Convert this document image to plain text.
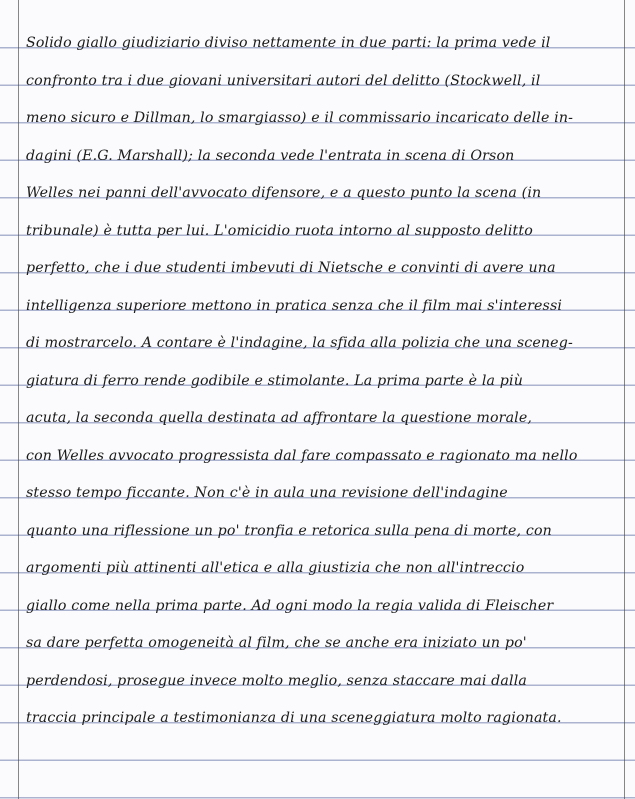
Solido giallo giudiziario diviso nettamente in due parti: la prima vede il
confronto tra i due giovani universitari autori del delitto (Stockwell, il
meno sicuro e Dillman, lo smargiasso) e il commissario incaricato delle in-
dagini (E.G. Marshall); la seconda vede l'entrata in scena di Orson
Welles nei panni dell'avvocato difensore, e a questo punto la scena (in
tribunale) è tutta per lui. L'omicidio ruota intorno al supposto delitto
perfetto, che i due studenti imbevuti di Nietsche e convinti di avere una
intelligenza superiore mettono in pratica senza che il film mai s'interessi
di mostrarcelo. A contare è l'indagine, la sfida alla polizia che una sceneg-
giatura di ferro rende godibile e stimolante. La prima parte è la più
acuta, la seconda quella destinata ad affrontare la questione morale,
con Welles avvocato progressista dal fare compassato e ragionato ma nello
stesso tempo ficcante. Non c'è in aula una revisione dell'indagine
quanto una riflessione un po' tronfia e retorica sulla pena di morte, con
argomenti più attinenti all'etica e alla giustizia che non all'intreccio
giallo come nella prima parte. Ad ogni modo la regia valida di Fleischer
sa dare perfetta omogeneità al film, che se anche era iniziato un po'
perdendosi, prosegue invece molto meglio, senza staccare mai dalla
traccia principale a testimonianza di una sceneggiatura molto ragionata.
